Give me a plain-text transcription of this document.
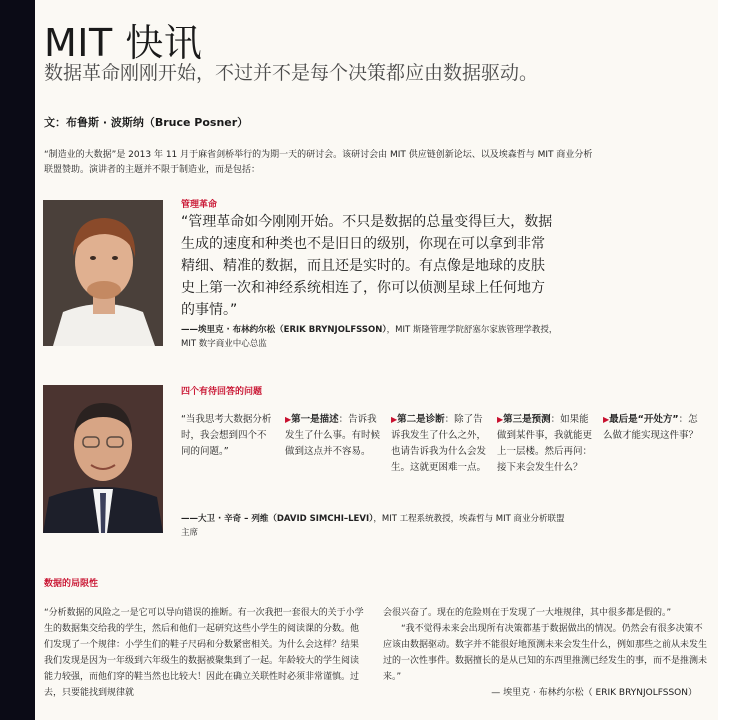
MIT 快讯
数据革命刚刚开始，不过并不是每个决策都应由数据驱动。
文：布鲁斯 · 波斯纳（Bruce Posner）
“制造业的大数据”是 2013 年 11 月于麻省剑桥举行的为期一天的研讨会。该研讨会由 MIT 供应链创新论坛、以及埃森哲与 MIT 商业分析联盟赞助。演讲者的主题并不限于制造业，而是包括：
管理革命
“管理革命如今刚刚开始。不只是数据的总量变得巨大，数据生成的速度和种类也不是旧日的级别，你现在可以拿到非常精细、精准的数据，而且还是实时的。有点像是地球的皮肤史上第一次和神经系统相连了，你可以侦测星球上任何地方的事情。”
——埃里克 · 布林约尔松（ERIK BRYNJOLFSSON），MIT 斯隆管理学院舒塞尔家族管理学教授，MIT 数字商业中心总监
四个有待回答的问题
“当我思考大数据分析时，我会想到四个不同的问题。”
▶第一是描述：告诉我发生了什么事。有时候做到这点并不容易。
▶第二是诊断：除了告诉我发生了什么之外，也请告诉我为什么会发生。这就更困难一点。
▶第三是预测：如果能做到某件事，我就能更上一层楼。然后再问：接下来会发生什么？
▶最后是“开处方”：怎么做才能实现这件事？
——大卫 · 辛奇 – 列维（DAVID SIMCHI–LEVI），MIT 工程系统教授，埃森哲与 MIT 商业分析联盟主席
数据的局限性

“分析数据的风险之一是它可以导向错误的推断。有一次我把一套很大的关于小学生的数据集交给我的学生，然后和他们一起研究这些小学生的阅读课的分数。他们发现了一个规律：小学生们的鞋子尺码和分数紧密相关。为什么会这样？结果我们发现是因为一年级到六年级生的数据被聚集到了一起。年龄较大的学生阅读能力较强，而他们穿的鞋当然也比较大！因此在确立关联性时必须非常谨慎。过去，只要能找到规律就

会很兴奋了。现在的危险则在于发现了一大堆规律，其中很多都是假的。”

“我不觉得未来会出现所有决策都基于数据做出的情况。仍然会有很多决策不应该由数据驱动。数字并不能很好地预测未来会发生什么，例如那些之前从未发生过的一次性事件。数据擅长的是从已知的东西里推测已经发生的事，而不是推测未来。”

— 埃里克 · 布林约尔松（ ERIK BRYNJOLFSSON）
